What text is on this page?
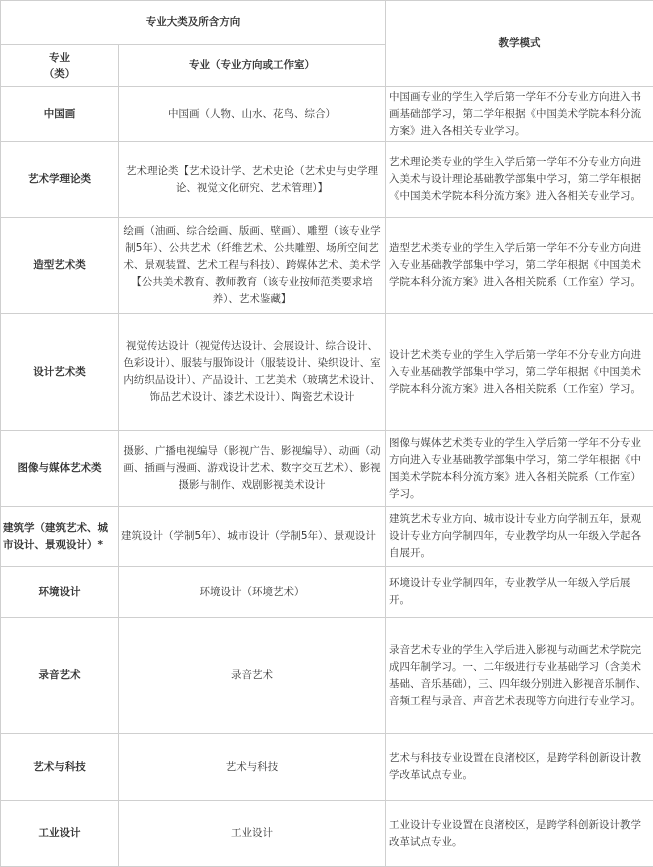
专业大类及所含方向		教学模式
专业
（类）	专业（专业方向或工作室）	
中国画	中国画（人物、山水、花鸟、综合）	中国画专业的学生入学后第一学年不分专业方向进入书画基础部学习，第二学年根据《中国美术学院本科分流方案》进入各相关专业学习。
艺术学理论类	艺术理论类【艺术设计学、艺术史论（艺术史与史学理论、视觉文化研究、艺术管理）】	艺术理论类专业的学生入学后第一学年不分专业方向进入美术与设计理论基础教学部集中学习，第二学年根据《中国美术学院本科分流方案》进入各相关专业学习。
造型艺术类	绘画（油画、综合绘画、版画、壁画）、雕塑（该专业学制5年）、公共艺术（纤维艺术、公共雕塑、场所空间艺术、景观装置、艺术工程与科技）、跨媒体艺术、美术学【公共美术教育、教师教育（该专业按师范类要求培养）、艺术鉴藏】	造型艺术类专业的学生入学后第一学年不分专业方向进入专业基础教学部集中学习，第二学年根据《中国美术学院本科分流方案》进入各相关院系（工作室）学习。
设计艺术类	视觉传达设计（视觉传达设计、会展设计、综合设计、色彩设计）、服装与服饰设计（服装设计、染织设计、室内纺织品设计）、产品设计、工艺美术（玻璃艺术设计、饰品艺术设计、漆艺术设计）、陶瓷艺术设计	设计艺术类专业的学生入学后第一学年不分专业方向进入专业基础教学部集中学习，第二学年根据《中国美术学院本科分流方案》进入各相关院系（工作室）学习。
图像与媒体艺术类	摄影、广播电视编导（影视广告、影视编导）、动画（动画、插画与漫画、游戏设计艺术、数字交互艺术）、影视摄影与制作、戏剧影视美术设计	图像与媒体艺术类专业的学生入学后第一学年不分专业方向进入专业基础教学部集中学习，第二学年根据《中国美术学院本科分流方案》进入各相关院系（工作室）学习。
建筑学（建筑艺术、城市设计、景观设计）*	建筑设计（学制5年）、城市设计（学制5年）、景观设计	建筑艺术专业方向、城市设计专业方向学制五年，景观设计专业方向学制四年，专业教学均从一年级入学起各自展开。
环境设计	环境设计（环境艺术）	环境设计专业学制四年，专业教学从一年级入学后展开。
录音艺术	录音艺术	录音艺术专业的学生入学后进入影视与动画艺术学院完成四年制学习。一、二年级进行专业基础学习（含美术基础、音乐基础），三、四年级分别进入影视音乐制作、音频工程与录音、声音艺术表现等方向进行专业学习。
艺术与科技	艺术与科技	艺术与科技专业设置在良渚校区，是跨学科创新设计教学改革试点专业。
工业设计	工业设计	工业设计专业设置在良渚校区，是跨学科创新设计教学改革试点专业。
